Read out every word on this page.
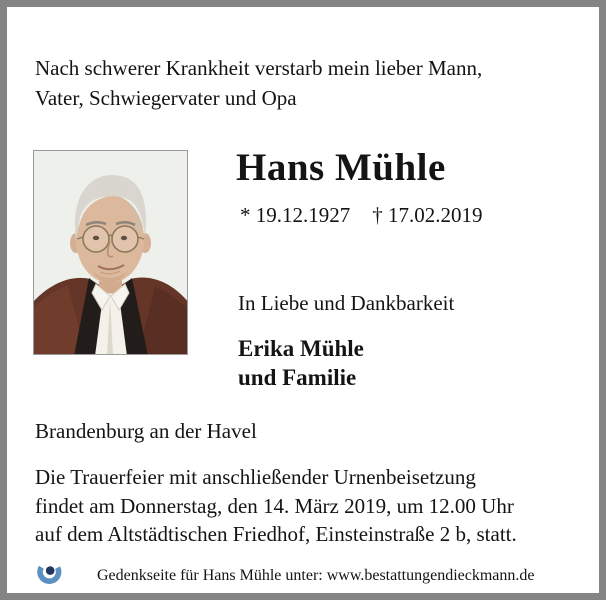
Nach schwerer Krankheit verstarb mein lieber Mann,
Vater, Schwiegervater und Opa
Hans Mühle
* 19.12.1927 † 17.02.2019
In Liebe und Dankbarkeit
Erika Mühle
und Familie
Brandenburg an der Havel
Die Trauerfeier mit anschließender Urnenbeisetzung
findet am Donnerstag, den 14. März 2019, um 12.00 Uhr
auf dem Altstädtischen Friedhof, Einsteinstraße 2 b, statt.
Gedenkseite für Hans Mühle unter: www.bestattungendieckmann.de
